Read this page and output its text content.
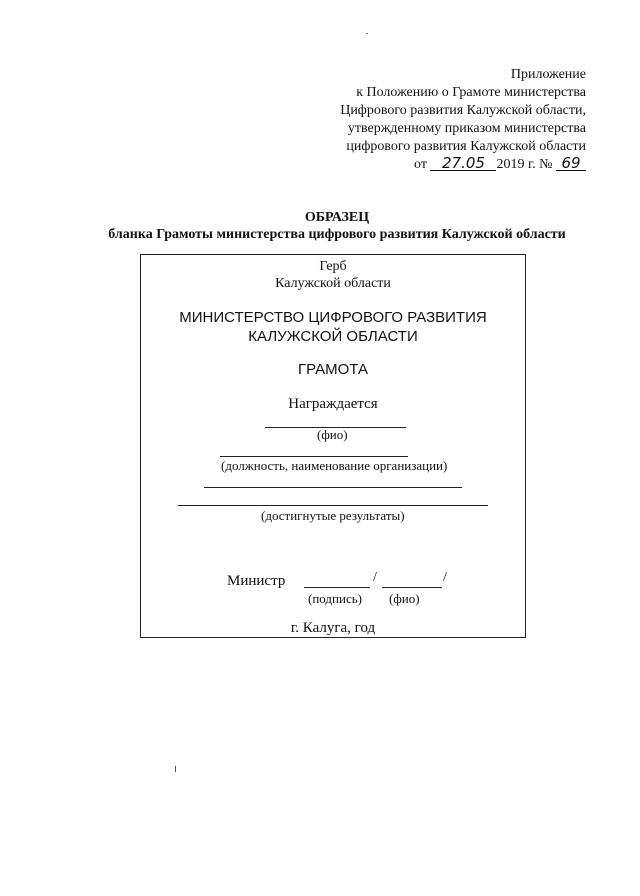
Приложение
к Положению о Грамоте министерства
Цифрового развития Калужской области,
утвержденному приказом министерства
цифрового развития Калужской области
от 27.05 2019 г. № 69
ОБРАЗЕЦ
бланка Грамоты министерства цифрового развития Калужской области
Герб
Калужской области
МИНИСТЕРСТВО ЦИФРОВОГО РАЗВИТИЯ
КАЛУЖСКОЙ ОБЛАСТИ
ГРАМОТА
Награждается
(фио)
(должность, наименование организации)
(достигнутые результаты)
Министр	/	/
(подпись) (фио)
г. Калуга, год
